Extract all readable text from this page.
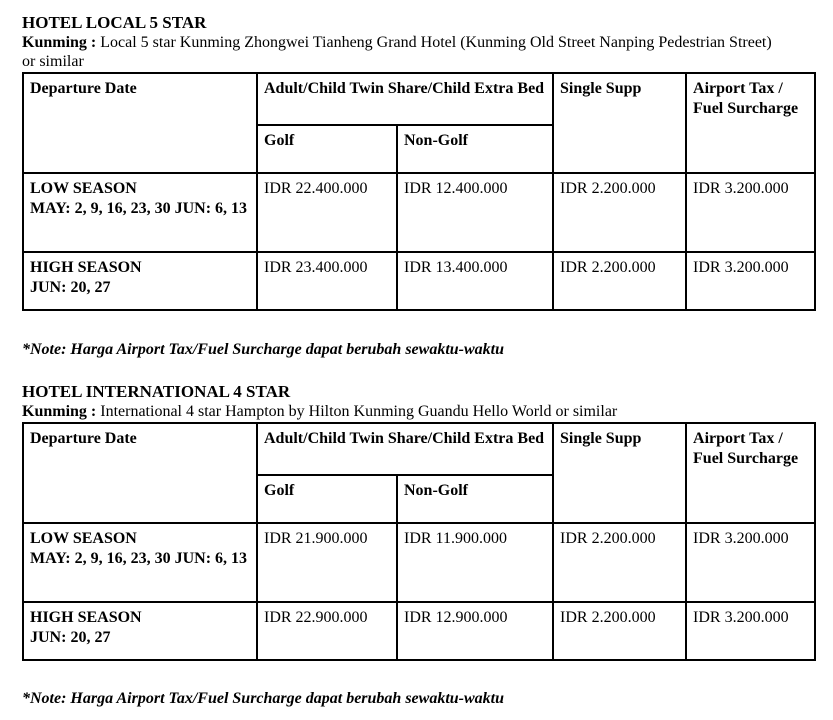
HOTEL LOCAL 5 STAR

Kunming : Local 5 star Kunming Zhongwei Tianheng Grand Hotel (Kunming Old Street Nanping Pedestrian Street) or similar

Departure Date	Adult/Child Twin Share/Child Extra Bed		Single Supp	Airport Tax / Fuel Surcharge
	Golf	Non-Golf		
LOW SEASON
MAY: 2, 9, 16, 23, 30 JUN: 6, 13	IDR 22.400.000	IDR 12.400.000	IDR 2.200.000	IDR 3.200.000
HIGH SEASON
JUN: 20, 27	IDR 23.400.000	IDR 13.400.000	IDR 2.200.000	IDR 3.200.000

*Note: Harga Airport Tax/Fuel Surcharge dapat berubah sewaktu-waktu

HOTEL INTERNATIONAL 4 STAR

Kunming : International 4 star Hampton by Hilton Kunming Guandu Hello World or similar

Departure Date	Adult/Child Twin Share/Child Extra Bed		Single Supp	Airport Tax / Fuel Surcharge
	Golf	Non-Golf		
LOW SEASON
MAY: 2, 9, 16, 23, 30 JUN: 6, 13	IDR 21.900.000	IDR 11.900.000	IDR 2.200.000	IDR 3.200.000
HIGH SEASON
JUN: 20, 27	IDR 22.900.000	IDR 12.900.000	IDR 2.200.000	IDR 3.200.000

*Note: Harga Airport Tax/Fuel Surcharge dapat berubah sewaktu-waktu
